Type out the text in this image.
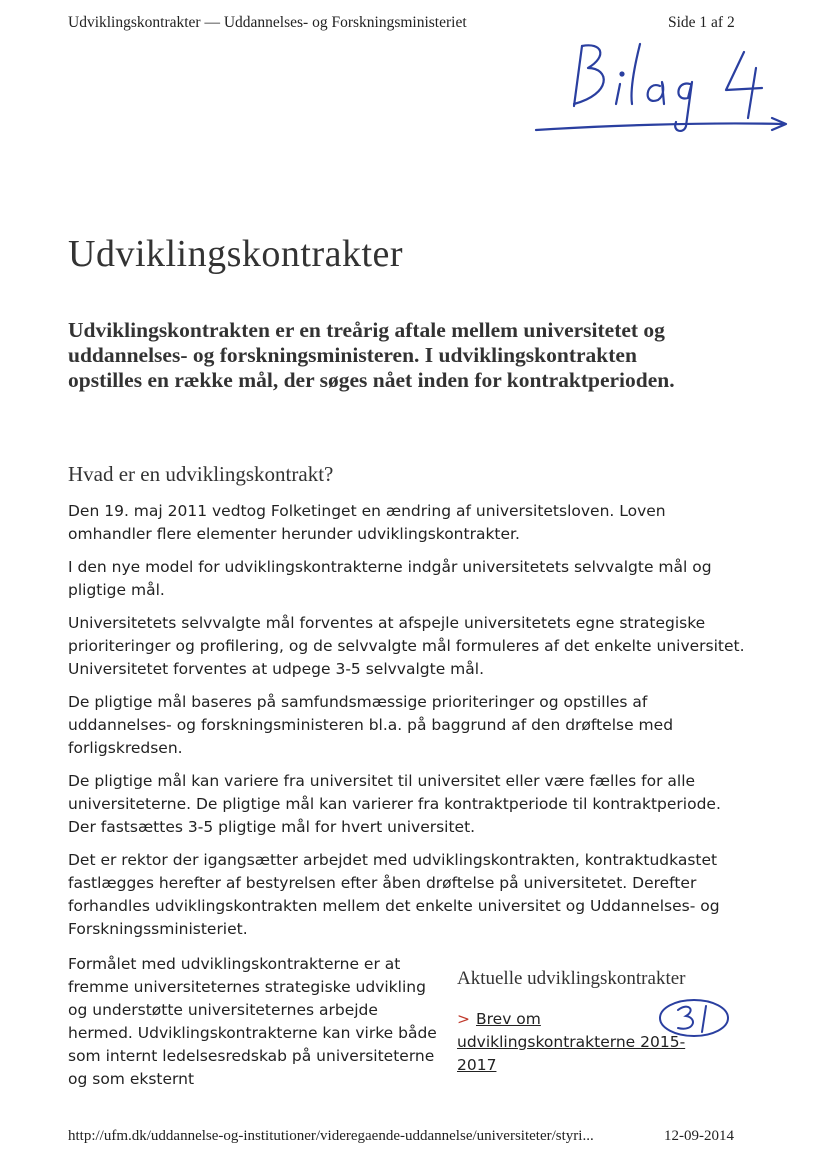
Udviklingskontrakter — Uddannelses- og Forskningsministeriet	Side 1 af 2
Udviklingskontrakter

Udviklingskontrakten er en treårig aftale mellem universitetet og uddannelses- og forskningsministeren. I udviklingskontrakten opstilles en række mål, der søges nået inden for kontraktperioden.

Hvad er en udviklingskontrakt?

Den 19. maj 2011 vedtog Folketinget en ændring af universitetsloven. Loven omhandler flere elementer herunder udviklingskontrakter.

I den nye model for udviklingskontrakterne indgår universitetets selvvalgte mål og pligtige mål.

Universitetets selvvalgte mål forventes at afspejle universitetets egne strategiske prioriteringer og profilering, og de selvvalgte mål formuleres af det enkelte universitet. Universitetet forventes at udpege 3-5 selvvalgte mål.

De pligtige mål baseres på samfundsmæssige prioriteringer og opstilles af uddannelses- og forskningsministeren bl.a. på baggrund af den drøftelse med forligskredsen.

De pligtige mål kan variere fra universitet til universitet eller være fælles for alle universiteterne. De pligtige mål kan varierer fra kontraktperiode til kontraktperiode. Der fastsættes 3-5 pligtige mål for hvert universitet.

Det er rektor der igangsætter arbejdet med udviklingskontrakten, kontraktudkastet fastlægges herefter af bestyrelsen efter åben drøftelse på universitetet. Derefter forhandles udviklingskontrakten mellem det enkelte universitet og Uddannelses- og Forskningssministeriet.

Formålet med udviklingskontrakterne er at fremme universiteternes strategiske udvikling og understøtte universiteternes arbejde hermed. Udviklingskontrakterne kan virke både som internt ledelsesredskab på universiteterne og som eksternt

Aktuelle udviklingskontrakter
> Brev om udviklingskontrakterne 2015-2017
http://ufm.dk/uddannelse-og-institutioner/videregaende-uddannelse/universiteter/styri...	12-09-2014
